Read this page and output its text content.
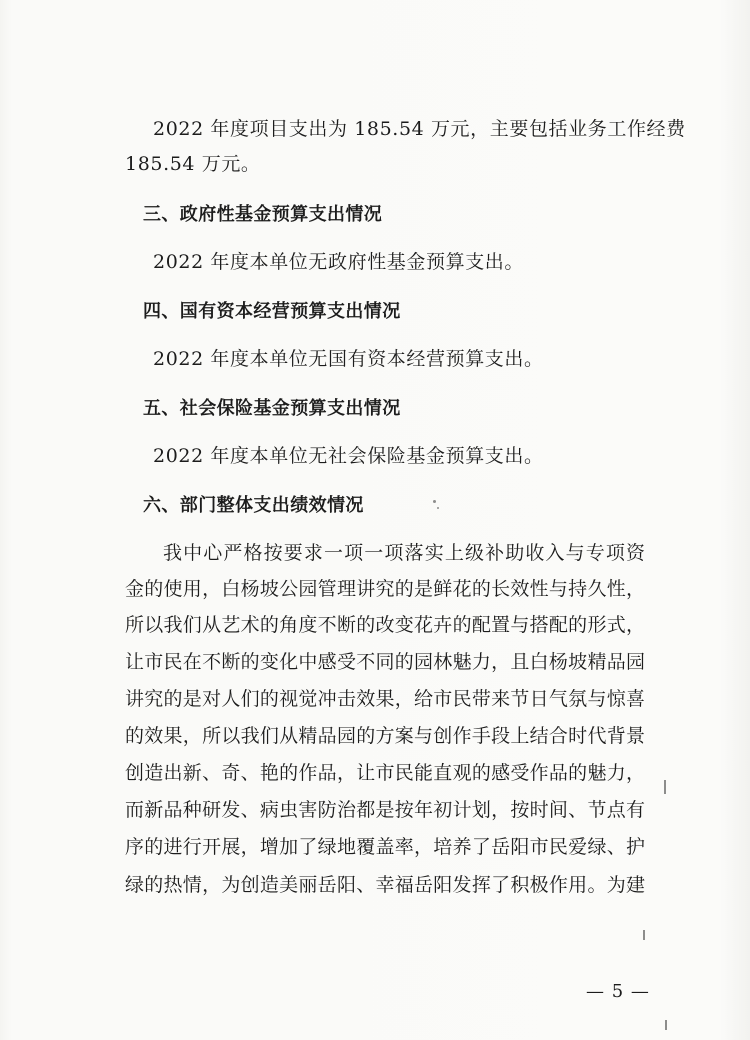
2022 年度项目支出为 185.54 万元，主要包括业务工作经费
185.54 万元。
三、政府性基金预算支出情况
2022 年度本单位无政府性基金预算支出。
四、国有资本经营预算支出情况
2022 年度本单位无国有资本经营预算支出。
五、社会保险基金预算支出情况
2022 年度本单位无社会保险基金预算支出。
六、部门整体支出绩效情况
我中心严格按要求一项一项落实上级补助收入与专项资
金的使用，白杨坡公园管理讲究的是鲜花的长效性与持久性，
所以我们从艺术的角度不断的改变花卉的配置与搭配的形式，
让市民在不断的变化中感受不同的园林魅力，且白杨坡精品园
讲究的是对人们的视觉冲击效果，给市民带来节日气氛与惊喜
的效果，所以我们从精品园的方案与创作手段上结合时代背景
创造出新、奇、艳的作品，让市民能直观的感受作品的魅力，
而新品种研发、病虫害防治都是按年初计划，按时间、节点有
序的进行开展，增加了绿地覆盖率，培养了岳阳市民爱绿、护
绿的热情，为创造美丽岳阳、幸福岳阳发挥了积极作用。为建
— 5 —
